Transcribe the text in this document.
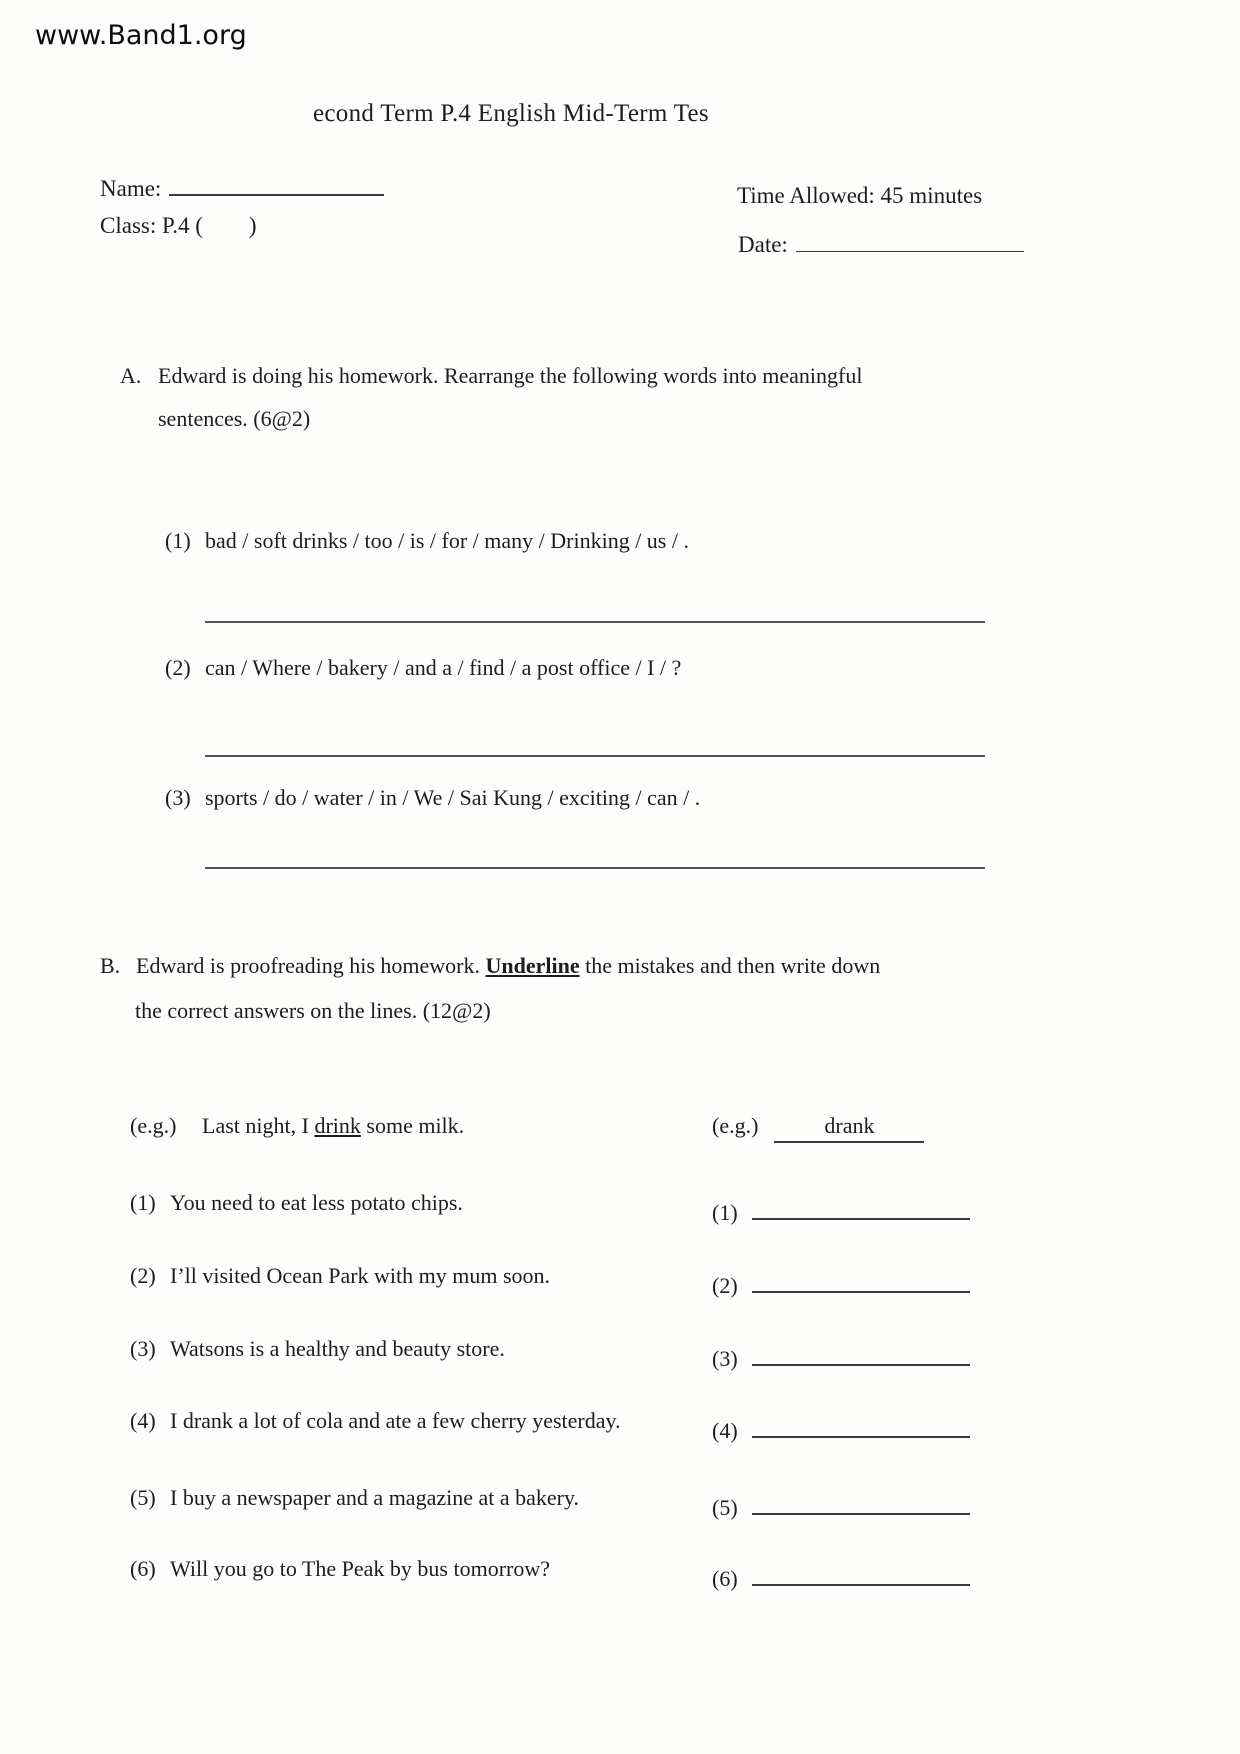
www.Band1.org
econd Term P.4 English Mid-Term Tes
Name:
Class: P.4 (        )
Time Allowed: 45 minutes
Date:
A. Edward is doing his homework. Rearrange the following words into meaningful
sentences. (6@2)
(1) bad / soft drinks / too / is / for / many / Drinking / us / .
(2) can / Where / bakery / and a / find / a post office / I / ?
(3) sports / do / water / in / We / Sai Kung / exciting / can / .
B. Edward is proofreading his homework. Underline the mistakes and then write down
the correct answers on the lines. (12@2)
(e.g.)	Last night, I drink some milk.	(e.g.)	drank
(1) You need to eat less potato chips.	(1)
(2) I’ll visited Ocean Park with my mum soon.	(2)
(3) Watsons is a healthy and beauty store.	(3)
(4) I drank a lot of cola and ate a few cherry yesterday.	(4)
(5) I buy a newspaper and a magazine at a bakery.	(5)
(6) Will you go to The Peak by bus tomorrow?	(6)
